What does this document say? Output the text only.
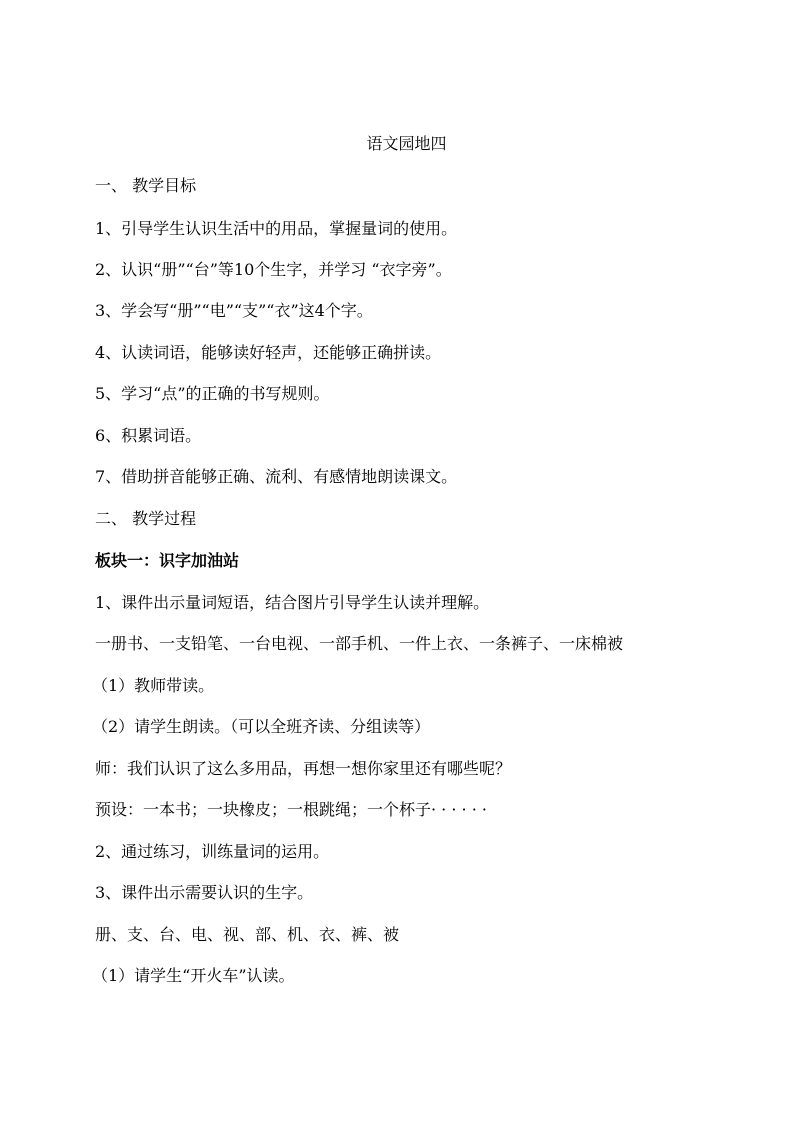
语文园地四
一、 教学目标
1、引导学生认识生活中的用品，掌握量词的使用。
2、认识“册”“台”等10个生字，并学习 “衣字旁”。
3、学会写“册”“电”“支”“衣”这4个字。
4、认读词语，能够读好轻声，还能够正确拼读。
5、学习“点”的正确的书写规则。
6、积累词语。
7、借助拼音能够正确、流利、有感情地朗读课文。
二、 教学过程
板块一：识字加油站
1、课件出示量词短语，结合图片引导学生认读并理解。
一册书、一支铅笔、一台电视、一部手机、一件上衣、一条裤子、一床棉被
（1）教师带读。
（2）请学生朗读。（可以全班齐读、分组读等）
师：我们认识了这么多用品，再想一想你家里还有哪些呢？
预设：一本书；一块橡皮；一根跳绳；一个杯子· · · · · ·
2、通过练习，训练量词的运用。
3、课件出示需要认识的生字。
册、支、台、电、视、部、机、衣、裤、被
（1）请学生“开火车”认读。
